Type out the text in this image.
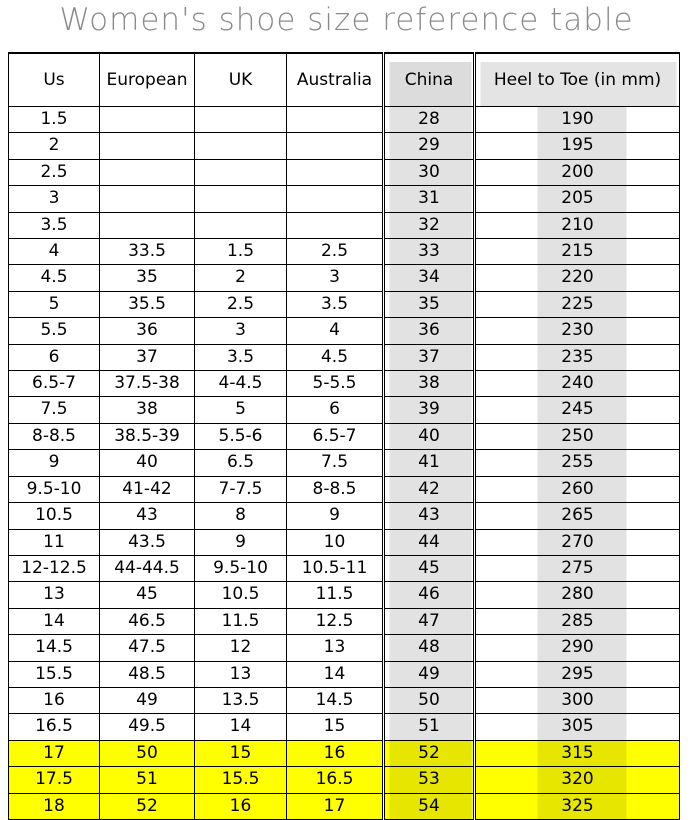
Women's shoe size reference table
Us	European	UK	Australia	China	Heel to Toe (in mm)
1.5				28	190
2				29	195
2.5				30	200
3				31	205
3.5				32	210
4	33.5	1.5	2.5	33	215
4.5	35	2	3	34	220
5	35.5	2.5	3.5	35	225
5.5	36	3	4	36	230
6	37	3.5	4.5	37	235
6.5-7	37.5-38	4-4.5	5-5.5	38	240
7.5	38	5	6	39	245
8-8.5	38.5-39	5.5-6	6.5-7	40	250
9	40	6.5	7.5	41	255
9.5-10	41-42	7-7.5	8-8.5	42	260
10.5	43	8	9	43	265
11	43.5	9	10	44	270
12-12.5	44-44.5	9.5-10	10.5-11	45	275
13	45	10.5	11.5	46	280
14	46.5	11.5	12.5	47	285
14.5	47.5	12	13	48	290
15.5	48.5	13	14	49	295
16	49	13.5	14.5	50	300
16.5	49.5	14	15	51	305
17	50	15	16	52	315
17.5	51	15.5	16.5	53	320
18	52	16	17	54	325
